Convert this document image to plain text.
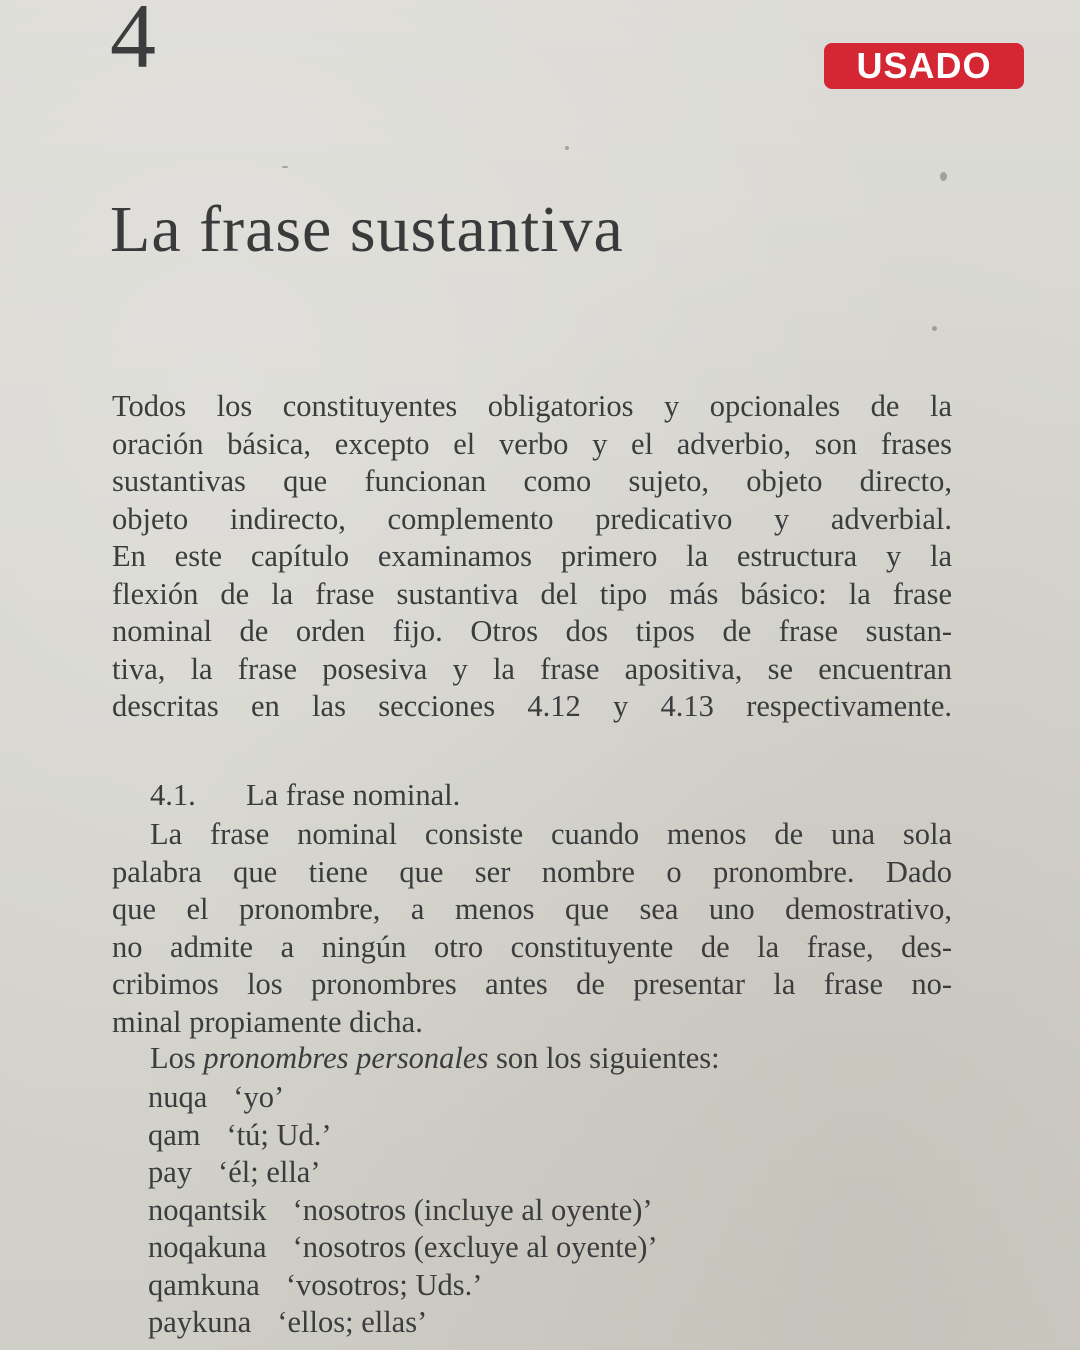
4	USADO
La frase sustantiva

Todos los constituyentes obligatorios y opcionales de la
oración básica, excepto el verbo y el adverbio, son frases
sustantivas que funcionan como sujeto, objeto directo,
objeto indirecto, complemento predicativo y adverbial.
En este capítulo examinamos primero la estructura y la
flexión de la frase sustantiva del tipo más básico: la frase
nominal de orden fijo. Otros dos tipos de frase sustan-
tiva, la frase posesiva y la frase apositiva, se encuentran
descritas en las secciones 4.12 y 4.13 respectivamente.

4.1. La frase nominal.

La frase nominal consiste cuando menos de una sola
palabra que tiene que ser nombre o pronombre. Dado
que el pronombre, a menos que sea uno demostrativo,
no admite a ningún otro constituyente de la frase, des-
cribimos los pronombres antes de presentar la frase no-
minal propiamente dicha.

Los pronombres personales son los siguientes:

nuqa ‘yo’
qam ‘tú; Ud.’
pay ‘él; ella’
noqantsik ‘nosotros (incluye al oyente)’
noqakuna ‘nosotros (excluye al oyente)’
qamkuna ‘vosotros; Uds.’
paykuna ‘ellos; ellas’
